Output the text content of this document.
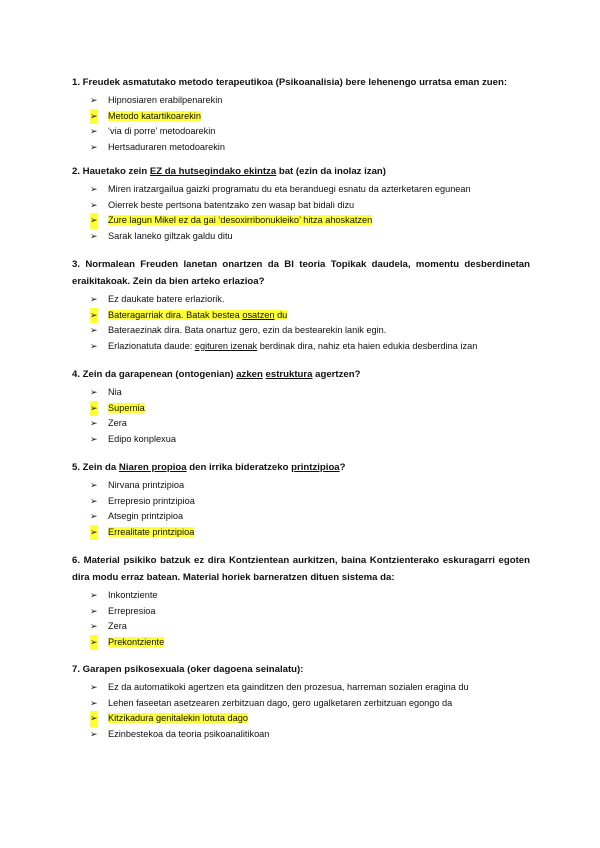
1. Freudek asmatutako metodo terapeutikoa (Psikoanalisia) bere lehenengo urratsa eman zuen:

➢ Hipnosiaren erabilpenarekin
➢ Metodo katartikoarekin
➢ ‘via di porre’ metodoarekin
➢ Hertsaduraren metodoarekin

2. Hauetako zein EZ da hutsegindako ekintza bat (ezin da inolaz izan)

➢ Miren iratzargailua gaizki programatu du eta beranduegi esnatu da azterketaren egunean
➢ Oierrek beste pertsona batentzako zen wasap bat bidali dizu
➢ Zure lagun Mikel ez da gai ‘desoxirribonukleiko’ hitza ahoskatzen
➢ Sarak laneko giltzak galdu ditu

3. Normalean Freuden lanetan onartzen da BI teoria Topikak daudela, momentu desberdinetan eraikitakoak. Zein da bien arteko erlazioa?

➢ Ez daukate batere erlaziorik.
➢ Bateragarriak dira. Batak bestea osatzen du
➢ Bateraezinak dira. Bata onartuz gero, ezin da bestearekin lanik egin.
➢ Erlazionatuta daude: egituren izenak berdinak dira, nahiz eta haien edukia desberdina izan

4. Zein da garapenean (ontogenian) azken estruktura agertzen?

➢ Nia
➢ Supernia
➢ Zera
➢ Edipo konplexua

5. Zein da Niaren propioa den irrika bideratzeko printzipioa?

➢ Nirvana printzipioa
➢ Errepresio printzipioa
➢ Atsegin printzipioa
➢ Errealitate printzipioa

6. Material psikiko batzuk ez dira Kontzientean aurkitzen, baina Kontzienterako eskuragarri egoten dira modu erraz batean. Material horiek barneratzen dituen sistema da:

➢ Inkontziente
➢ Errepresioa
➢ Zera
➢ Prekontziente

7. Garapen psikosexuala (oker dagoena seinalatu):

➢ Ez da automatikoki agertzen eta gainditzen den prozesua, harreman sozialen eragina du
➢ Lehen faseetan asetzearen zerbitzuan dago, gero ugalketaren zerbitzuan egongo da
➢ Kitzikadura genitalekin lotuta dago
➢ Ezinbestekoa da teoria psikoanalitikoan
